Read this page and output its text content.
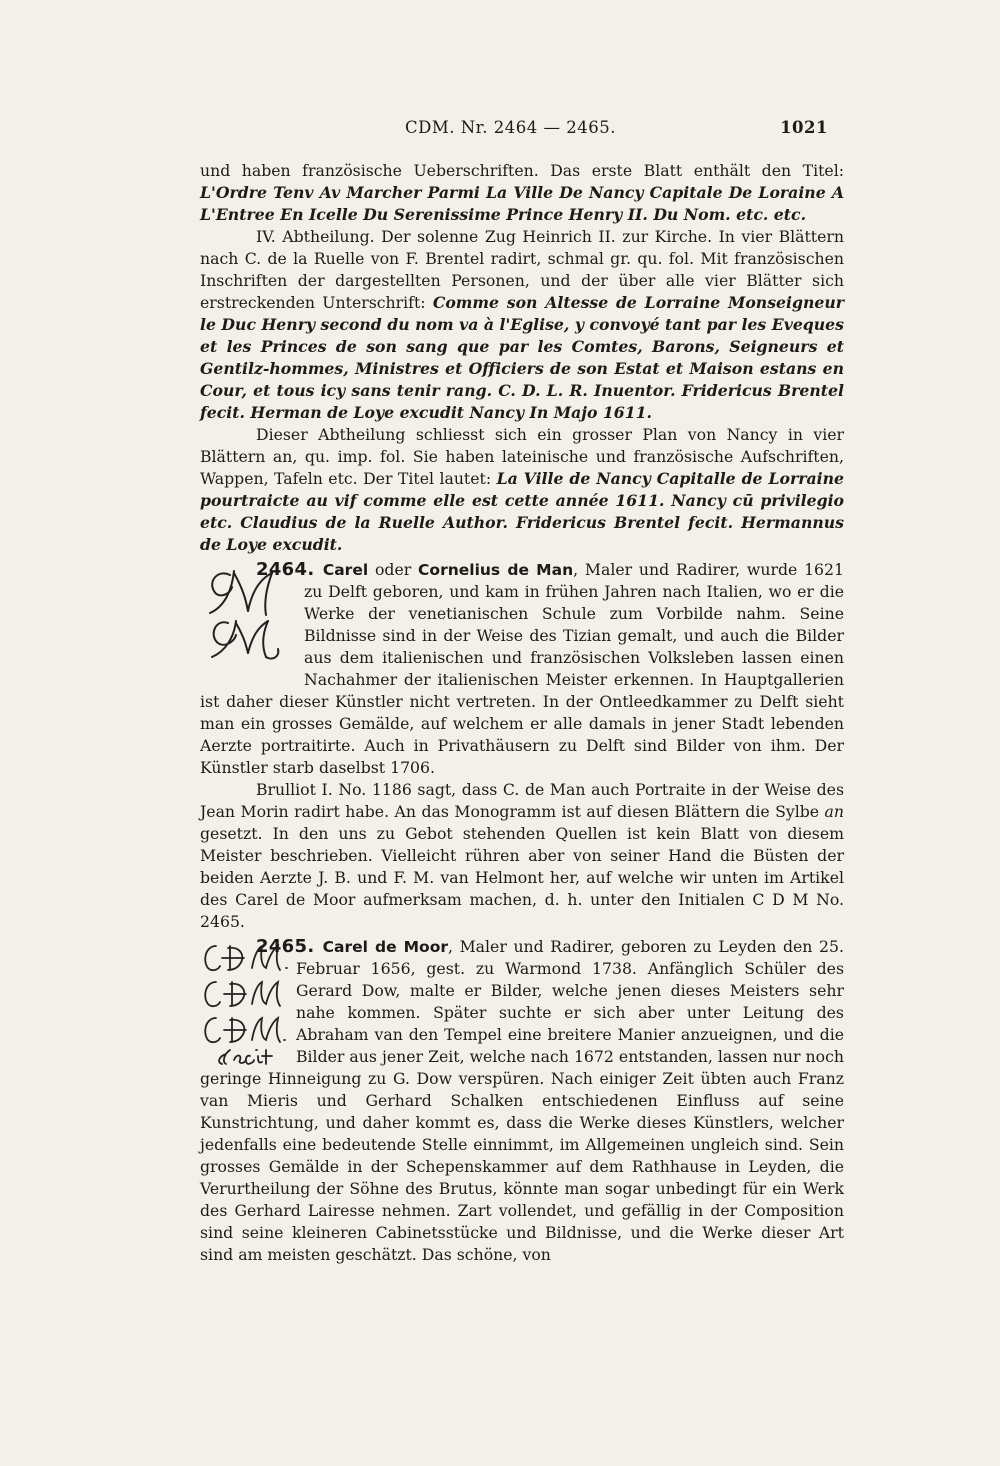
CDM. Nr. 2464 — 2465.	1021

und haben französische Ueberschriften. Das erste Blatt enthält den Titel: L'Ordre Tenv Av Marcher Parmi La Ville De Nancy Capitale De Loraine A L'Entree En Icelle Du Serenissime Prince Henry II. Du Nom. etc. etc.

IV. Abtheilung. Der solenne Zug Heinrich II. zur Kirche. In vier Blättern nach C. de la Ruelle von F. Brentel radirt, schmal gr. qu. fol. Mit französischen Inschriften der dargestellten Personen, und der über alle vier Blätter sich erstreckenden Unterschrift: Comme son Altesse de Lorraine Monseigneur le Duc Henry second du nom va à l'Eglise, y convoyé tant par les Eveques et les Princes de son sang que par les Comtes, Barons, Seigneurs et Gentilz-hommes, Ministres et Officiers de son Estat et Maison estans en Cour, et tous icy sans tenir rang. C. D. L. R. Inuentor. Fridericus Brentel fecit. Herman de Loye excudit Nancy In Majo 1611.

Dieser Abtheilung schliesst sich ein grosser Plan von Nancy in vier Blättern an, qu. imp. fol. Sie haben lateinische und französische Aufschriften, Wappen, Tafeln etc. Der Titel lautet: La Ville de Nancy Capitalle de Lorraine pourtraicte au vif comme elle est cette année 1611. Nancy cū privilegio etc. Claudius de la Ruelle Author. Fridericus Brentel fecit. Hermannus de Loye excudit.

2464. Carel oder Cornelius de Man
, Maler und Radirer, wurde 1621 zu Delft geboren, und kam in frühen Jahren nach Italien, wo er die Werke der venetianischen Schule zum Vorbilde nahm. Seine Bildnisse sind in der Weise des Tizian gemalt, und auch die Bilder aus dem italienischen und französischen Volksleben lassen einen Nachahmer der italienischen Meister erkennen. In Hauptgallerien ist daher dieser Künstler nicht vertreten. In der Ontleedkammer zu Delft sieht man ein grosses Gemälde, auf welchem er alle damals in jener Stadt lebenden Aerzte portraitirte. Auch in Privathäusern zu Delft sind Bilder von ihm. Der Künstler starb daselbst 1706.

Brulliot I. No. 1186 sagt, dass C. de Man auch Portraite in der Weise des Jean Morin radirt habe. An das Monogramm ist auf diesen Blättern die Sylbe an gesetzt. In den uns zu Gebot stehenden Quellen ist kein Blatt von diesem Meister beschrieben. Vielleicht rühren aber von seiner Hand die Büsten der beiden Aerzte J. B. und F. M. van Helmont her, auf welche wir unten im Artikel des Carel de Moor aufmerksam machen, d. h. unter den Initialen C D M No. 2465.

2465. Carel de Moor
, Maler und Radirer, geboren zu Leyden den 25. Februar 1656, gest. zu Warmond 1738. Anfänglich Schüler des Gerard Dow, malte er Bilder, welche jenen dieses Meisters sehr nahe kommen. Später suchte er sich aber unter Leitung des Abraham van den Tempel eine breitere Manier anzueignen, und die Bilder aus jener Zeit, welche nach 1672 entstanden, lassen nur noch geringe Hinneigung zu G. Dow verspüren. Nach einiger Zeit übten auch Franz van Mieris und Gerhard Schalken entschiedenen Einfluss auf seine Kunstrichtung, und daher kommt es, dass die Werke dieses Künstlers, welcher jedenfalls eine bedeutende Stelle einnimmt, im Allgemeinen ungleich sind. Sein grosses Gemälde in der Schepenskammer auf dem Rathhause in Leyden, die Verurtheilung der Söhne des Brutus, könnte man sogar unbedingt für ein Werk des Gerhard Lairesse nehmen. Zart vollendet, und gefällig in der Composition sind seine kleineren Cabinetsstücke und Bildnisse, und die Werke dieser Art sind am meisten geschätzt. Das schöne, von
